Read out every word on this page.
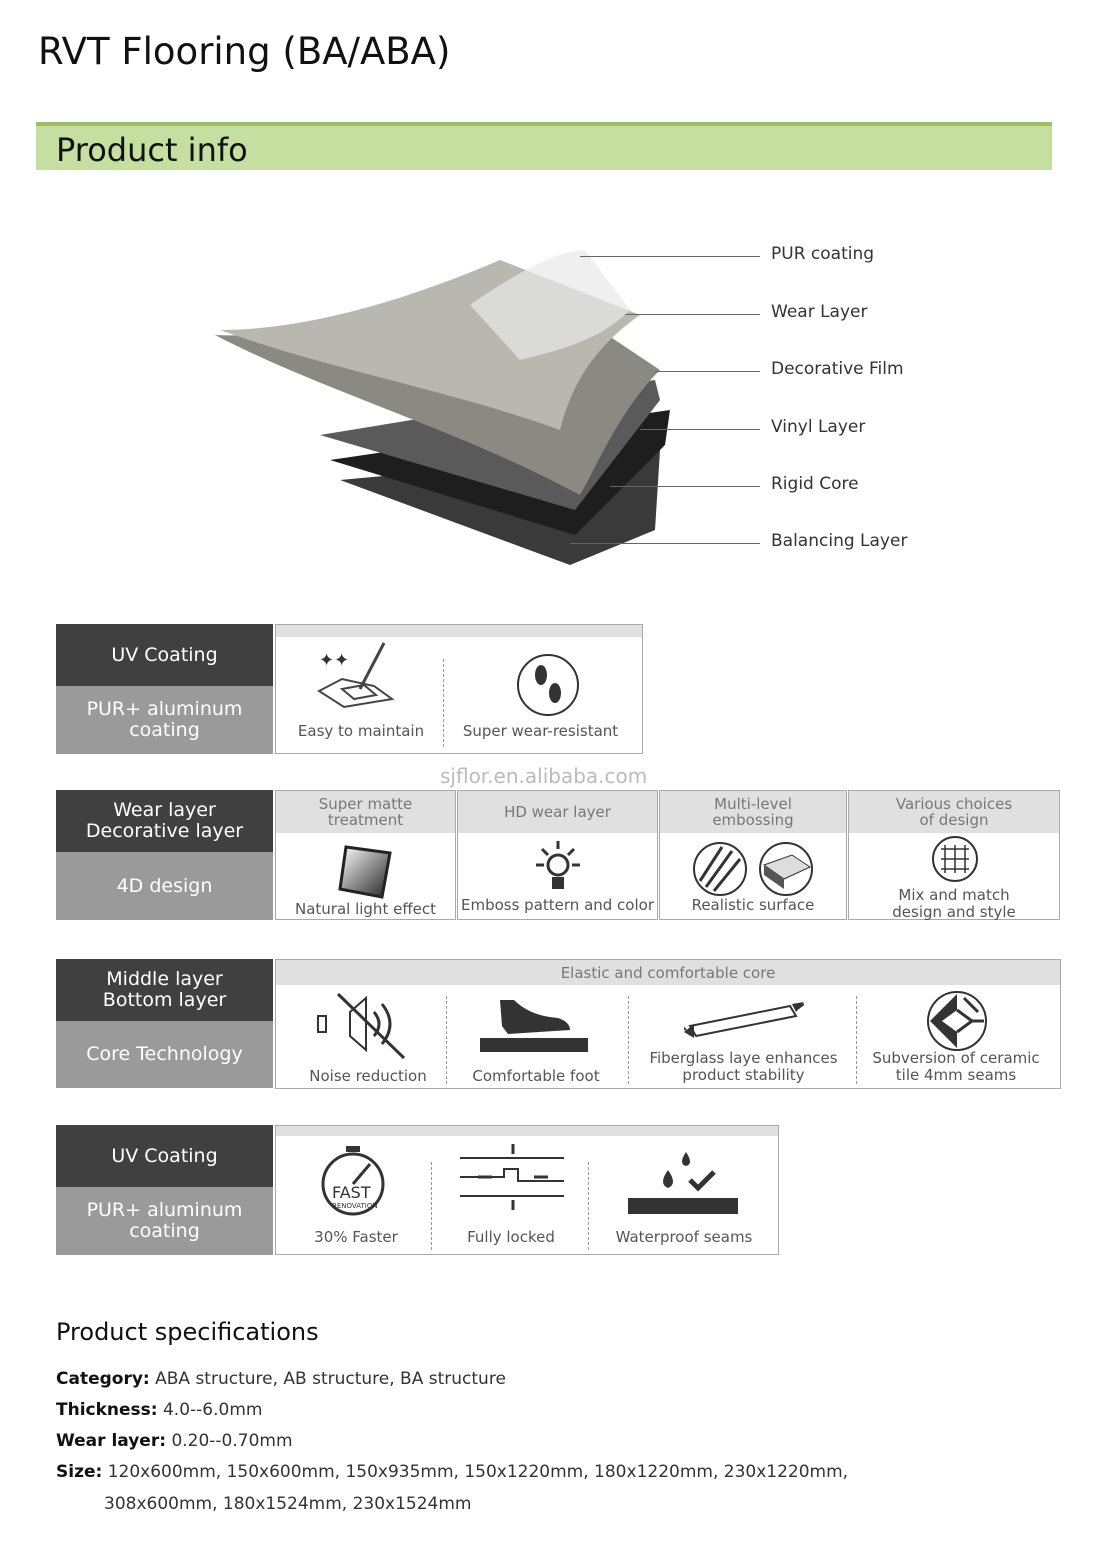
RVT Flooring (BA/ABA)
Product info
PUR coating
Wear Layer
Decorative Film
Vinyl Layer
Rigid Core
Balancing Layer
UV Coating
PUR+ aluminum coating
✦✦
Easy to maintain	Super wear-resistant
sjflor.en.alibaba.com
Wear layer Decorative layer
4D design
Super matte treatment
Natural light effect
HD wear layer
Emboss pattern and color
Multi-level embossing
Realistic surface
Various choices of design
Mix and match design and style
Middle layer Bottom layer
Core Technology
Elastic and comfortable core
Noise reduction	Comfortable foot
Fiberglass laye enhances product stability
Subversion of ceramic tile 4mm seams
UV Coating
PUR+ aluminum coating
FAST
RENOVATION
30% Faster	Fully locked	Waterproof seams
Product specifications
Category: ABA structure, AB structure, BA structure
Thickness: 4.0--6.0mm
Wear layer: 0.20--0.70mm
Size: 120x600mm, 150x600mm, 150x935mm, 150x1220mm, 180x1220mm, 230x1220mm,
308x600mm, 180x1524mm, 230x1524mm
